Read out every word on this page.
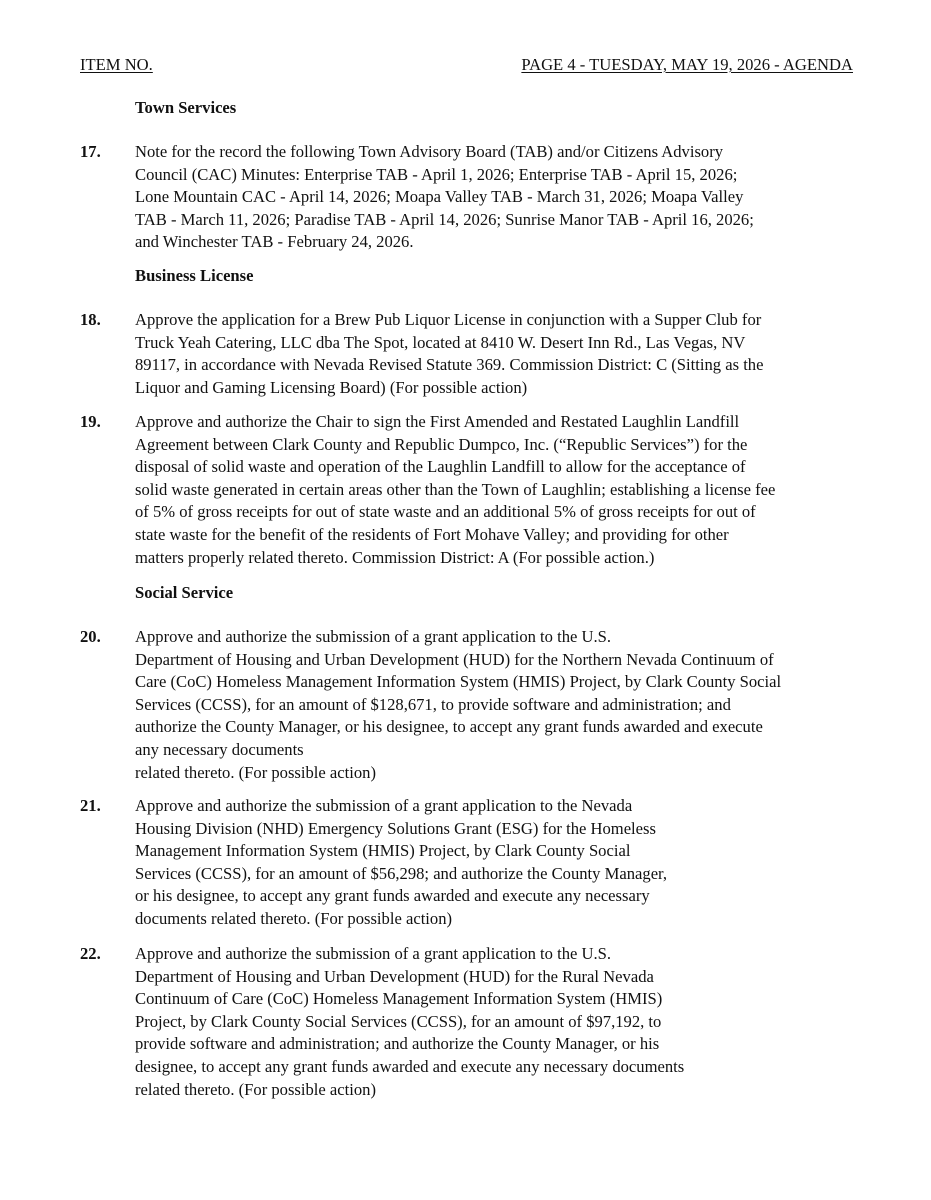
ITEM NO.	PAGE 4 - TUESDAY, MAY 19, 2026 - AGENDA
Town Services
17. Note for the record the following Town Advisory Board (TAB) and/or Citizens Advisory
Council (CAC) Minutes: Enterprise TAB - April 1, 2026; Enterprise TAB - April 15, 2026;
Lone Mountain CAC - April 14, 2026; Moapa Valley TAB - March 31, 2026; Moapa Valley
TAB - March 11, 2026; Paradise TAB - April 14, 2026; Sunrise Manor TAB - April 16, 2026;
and Winchester TAB - February 24, 2026.
Business License
18. Approve the application for a Brew Pub Liquor License in conjunction with a Supper Club for
Truck Yeah Catering, LLC dba The Spot, located at 8410 W. Desert Inn Rd., Las Vegas, NV
89117, in accordance with Nevada Revised Statute 369. Commission District: C (Sitting as the
Liquor and Gaming Licensing Board) (For possible action)
19. Approve and authorize the Chair to sign the First Amended and Restated Laughlin Landfill
Agreement between Clark County and Republic Dumpco, Inc. (“Republic Services”) for the
disposal of solid waste and operation of the Laughlin Landfill to allow for the acceptance of
solid waste generated in certain areas other than the Town of Laughlin; establishing a license fee
of 5% of gross receipts for out of state waste and an additional 5% of gross receipts for out of
state waste for the benefit of the residents of Fort Mohave Valley; and providing for other
matters properly related thereto. Commission District: A (For possible action.)
Social Service
20. Approve and authorize the submission of a grant application to the U.S.
Department of Housing and Urban Development (HUD) for the Northern Nevada Continuum of
Care (CoC) Homeless Management Information System (HMIS) Project, by Clark County Social
Services (CCSS), for an amount of $128,671, to provide software and administration; and
authorize the County Manager, or his designee, to accept any grant funds awarded and execute
any necessary documents
related thereto. (For possible action)
21. Approve and authorize the submission of a grant application to the Nevada
Housing Division (NHD) Emergency Solutions Grant (ESG) for the Homeless
Management Information System (HMIS) Project, by Clark County Social
Services (CCSS), for an amount of $56,298; and authorize the County Manager,
or his designee, to accept any grant funds awarded and execute any necessary
documents related thereto. (For possible action)
22. Approve and authorize the submission of a grant application to the U.S.
Department of Housing and Urban Development (HUD) for the Rural Nevada
Continuum of Care (CoC) Homeless Management Information System (HMIS)
Project, by Clark County Social Services (CCSS), for an amount of $97,192, to
provide software and administration; and authorize the County Manager, or his
designee, to accept any grant funds awarded and execute any necessary documents
related thereto. (For possible action)
